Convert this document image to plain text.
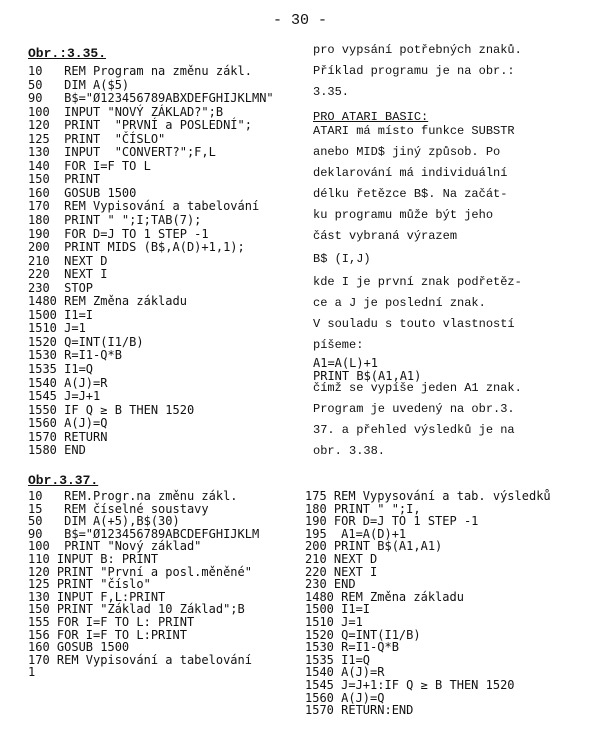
- 30 -
Obr.:3.35.
10   REM Program na změnu zákl.
50   DIM A($5)
90   B$="Ø123456789ABXDEFGHIJKLMN"
100  INPUT "NOVÝ ZÁKLAD?";B
120  PRINT  "PRVNÍ a POSLEDNÍ";
125  PRINT  "ČÍSLO"
130  INPUT  "CONVERT?";F,L
140  FOR I=F TO L
150  PRINT
160  GOSUB 1500
170  REM Vypisování a tabelování
180  PRINT " ";I;TAB(7);
190  FOR D=J TO 1 STEP -1
200  PRINT MIDS (B$,A(D)+1,1);
210  NEXT D
220  NEXT I
230  STOP
1480 REM Změna základu
1500 I1=I
1510 J=1
1520 Q=INT(I1/B)
1530 R=I1-Q*B
1535 I1=Q
1540 A(J)=R
1545 J=J+1
1550 IF Q ≥ B THEN 1520
1560 A(J)=Q
1570 RETURN
1580 END
pro vypsání potřebných znaků.
Příklad programu je na obr.:
3.35.
PRO ATARI BASIC:
ATARI má místo funkce SUBSTR
anebo MID$ jiný způsob. Po
deklarování má individuální
délku řetězce B$. Na začát-
ku programu může být jeho
část vybraná výrazem
B$ (I,J)
kde I je první znak podřetěz-
ce a J je poslední znak.
V souladu s touto vlastností
píšeme:
A1=A(L)+1
PRINT B$(A1,A1)
čímž se vypíše jeden A1 znak.
Program je uvedený na obr.3.
37. a přehled výsledků je na
obr. 3.38.
Obr.3.37.
10   REM.Progr.na změnu zákl.
15   REM číselné soustavy
50   DIM A(+5),B$(30)
90   B$="Ø123456789ABCDEFGHIJKLM
100  PRINT "Nový základ"
110 INPUT B: PRINT
120 PRINT "První a posl.měněné"
125 PRINT "číslo"
130 INPUT F,L:PRINT
150 PRINT "Základ 10 Základ";B
155 FOR I=F TO L: PRINT
156 FOR I=F TO L:PRINT
160 GOSUB 1500
170 REM Vypisování a tabelování
1
175 REM Vypysování a tab. výsledků
180 PRINT " ";I,
190 FOR D=J TO 1 STEP -1
195  A1=A(D)+1
200 PRINT B$(A1,A1)
210 NEXT D
220 NEXT I
230 END
1480 REM Změna základu
1500 I1=I
1510 J=1
1520 Q=INT(I1/B)
1530 R=I1-Q*B
1535 I1=Q
1540 A(J)=R
1545 J=J+1:IF Q ≥ B THEN 1520
1560 A(J)=Q
1570 RETURN:END
